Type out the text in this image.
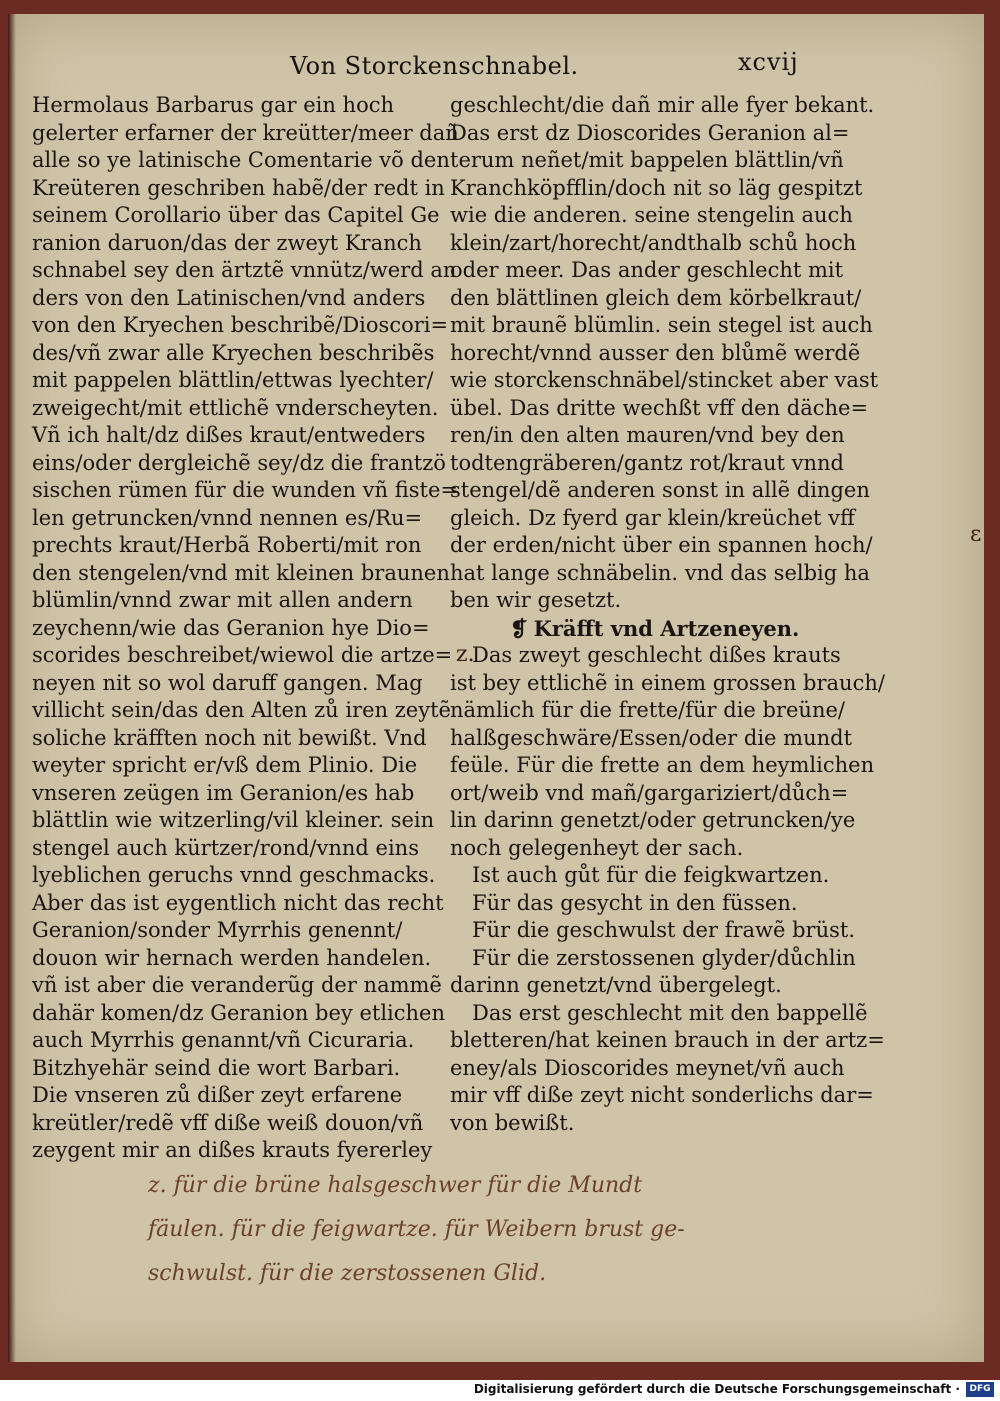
Von Storckenschnabel.	xcvij
Hermolaus Barbarus gar ein hoch
gelerter erfarner der kreütter/meer dañ
alle so ye latinische Comentarie võ den
Kreüteren geschriben habẽ/der redt in
seinem Corollario über das Capitel Ge
ranion daruon/das der zweyt Kranch
schnabel sey den ärtztẽ vnnütz/werd an
ders von den Latinischen/vnd anders
von den Kryechen beschribẽ/Dioscori=
des/vñ zwar alle Kryechen beschribẽs
mit pappelen blättlin/ettwas lyechter/
zweigecht/mit ettlichẽ vnderscheyten.
Vñ ich halt/dz dißes kraut/entweders
eins/oder dergleichẽ sey/dz die frantzö
sischen rümen für die wunden vñ fiste=
len getruncken/vnnd nennen es/Ru=
prechts kraut/Herbã Roberti/mit ron
den stengelen/vnd mit kleinen braunen
blümlin/vnnd zwar mit allen andern
zeychenn/wie das Geranion hye Dio=
scorides beschreibet/wiewol die artze=
neyen nit so wol daruff gangen. Mag
villicht sein/das den Alten zů iren zeytẽ
soliche kräfften noch nit bewißt. Vnd
weyter spricht er/vß dem Plinio. Die
vnseren zeügen im Geranion/es hab
blättlin wie witzerling/vil kleiner. sein
stengel auch kürtzer/rond/vnnd eins
lyeblichen geruchs vnnd geschmacks.
Aber das ist eygentlich nicht das recht
Geranion/sonder Myrrhis genennt/
douon wir hernach werden handelen.
vñ ist aber die veranderũg der nammẽ
dahär komen/dz Geranion bey etlichen
auch Myrrhis genannt/vñ Cicuraria.
Bitzhyehär seind die wort Barbari.
Die vnseren zů dißer zeyt erfarene
kreütler/redẽ vff diße weiß douon/vñ
zeygent mir an dißes krauts fyererley
geschlecht/die dañ mir alle fyer bekant.
Das erst dz Dioscorides Geranion al=
terum neñet/mit bappelen blättlin/vñ
Kranchköpfflin/doch nit so läg gespitzt
wie die anderen. seine stengelin auch
klein/zart/horecht/andthalb schů hoch
oder meer. Das ander geschlecht mit
den blättlinen gleich dem körbelkraut/
mit braunẽ blümlin. sein stegel ist auch
horecht/vnnd ausser den blůmẽ werdẽ
wie storckenschnäbel/stincket aber vast
übel. Das dritte wechßt vff den däche=
ren/in den alten mauren/vnd bey den
todtengräberen/gantz rot/kraut vnnd
stengel/dẽ anderen sonst in allẽ dingen
gleich. Dz fyerd gar klein/kreüchet vff
der erden/nicht über ein spannen hoch/
hat lange schnäbelin. vnd das selbig ha
ben wir gesetzt.
❡ Kräfft vnd Artzeneyen.
Das zweyt geschlecht dißes krauts
ist bey ettlichẽ in einem grossen brauch/
nämlich für die frette/für die breüne/
halßgeschwäre/Essen/oder die mundt
feüle. Für die frette an dem heymlichen
ort/weib vnd mañ/gargariziert/důch=
lin darinn genetzt/oder getruncken/ye
noch gelegenheyt der sach.
Ist auch gůt für die feigkwartzen.
Für das gesycht in den füssen.
Für die geschwulst der frawẽ brüst.
Für die zerstossenen glyder/důchlin
darinn genetzt/vnd übergelegt.
Das erst geschlecht mit den bappellẽ
bletteren/hat keinen brauch in der artz=
eney/als Dioscorides meynet/vñ auch
mir vff diße zeyt nicht sonderlichs dar=
von bewißt.
z.
ɛ
z. für die brüne halsgeschwer für die Mundt
fäulen. für die feigwartze. für Weibern brust ge-
schwulst. für die zerstossenen Glid.
Digitalisierung gefördert durch die Deutsche Forschungsgemeinschaft ·	DFG
